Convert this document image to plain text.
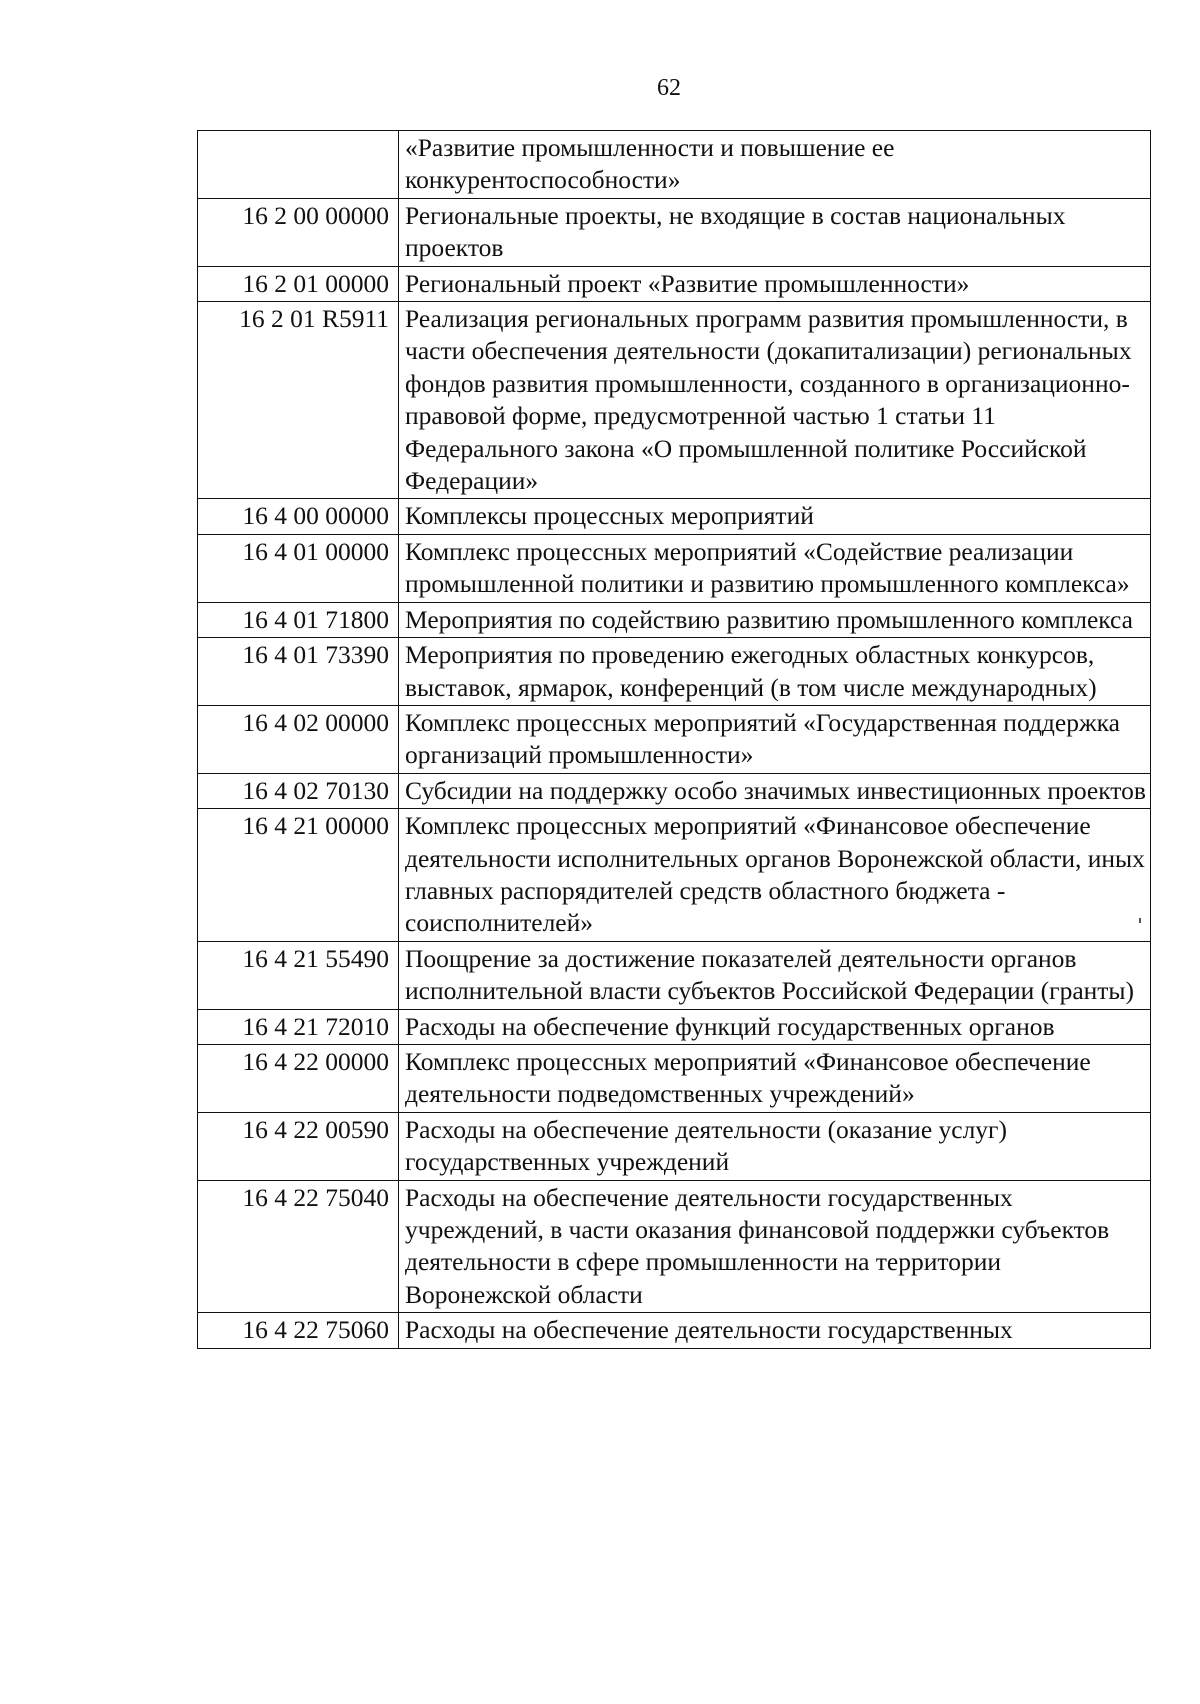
62
	«Развитие промышленности и повышение ее конкурентоспособности»
16 2 00 00000	Региональные проекты, не входящие в состав национальных проектов
16 2 01 00000	Региональный проект «Развитие промышленности»
16 2 01 R5911	Реализация региональных программ развития промышленности, в части обеспечения деятельности (докапитализации) региональных фондов развития промышленности, созданного в организационно-правовой форме, предусмотренной частью 1 статьи 11 Федерального закона «О промышленной политике Российской Федерации»
16 4 00 00000	Комплексы процессных мероприятий
16 4 01 00000	Комплекс процессных мероприятий «Содействие реализации промышленной политики и развитию промышленного комплекса»
16 4 01 71800	Мероприятия по содействию развитию промышленного комплекса
16 4 01 73390	Мероприятия по проведению ежегодных областных конкурсов, выставок, ярмарок, конференций (в том числе международных)
16 4 02 00000	Комплекс процессных мероприятий «Государственная поддержка организаций промышленности»
16 4 02 70130	Субсидии на поддержку особо значимых инвестиционных проектов
16 4 21 00000	Комплекс процессных мероприятий «Финансовое обеспечение деятельности исполнительных органов Воронежской области, иных главных распорядителей средств областного бюджета - соисполнителей»
16 4 21 55490	Поощрение за достижение показателей деятельности органов исполнительной власти субъектов Российской Федерации (гранты)
16 4 21 72010	Расходы на обеспечение функций государственных органов
16 4 22 00000	Комплекс процессных мероприятий «Финансовое обеспечение деятельности подведомственных учреждений»
16 4 22 00590	Расходы на обеспечение деятельности (оказание услуг) государственных учреждений
16 4 22 75040	Расходы на обеспечение деятельности государственных учреждений, в части оказания финансовой поддержки субъектов деятельности в сфере промышленности на территории Воронежской области
16 4 22 75060	Расходы на обеспечение деятельности государственных
